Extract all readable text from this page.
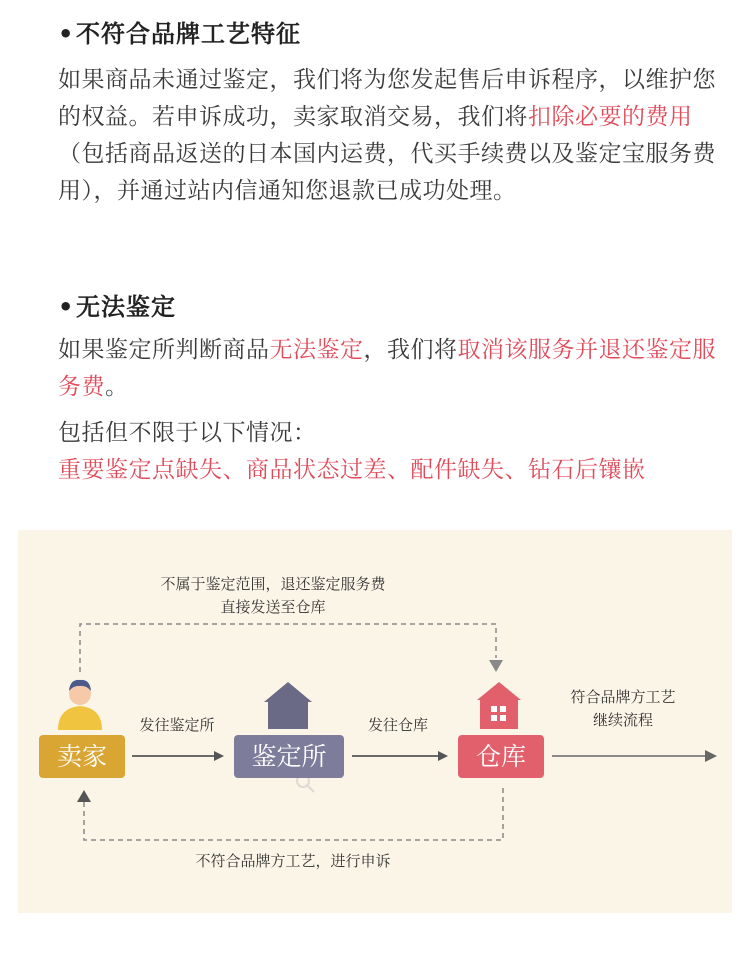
•不符合品牌工艺特征
如果商品未通过鉴定，我们将为您发起售后申诉程序，以维护您的权益。若申诉成功，卖家取消交易，我们将扣除必要的费用（包括商品返送的日本国内运费，代买手续费以及鉴定宝服务费用），并通过站内信通知您退款已成功处理。
•无法鉴定
如果鉴定所判断商品无法鉴定，我们将取消该服务并退还鉴定服务费。
包括但不限于以下情况：
重要鉴定点缺失、商品状态过差、配件缺失、钻石后镶嵌
不属于鉴定范围，退还鉴定服务费
直接发送至仓库
发往鉴定所	发往仓库
符合品牌方工艺
继续流程
卖家	鉴定所	仓库
不符合品牌方工艺，进行申诉
